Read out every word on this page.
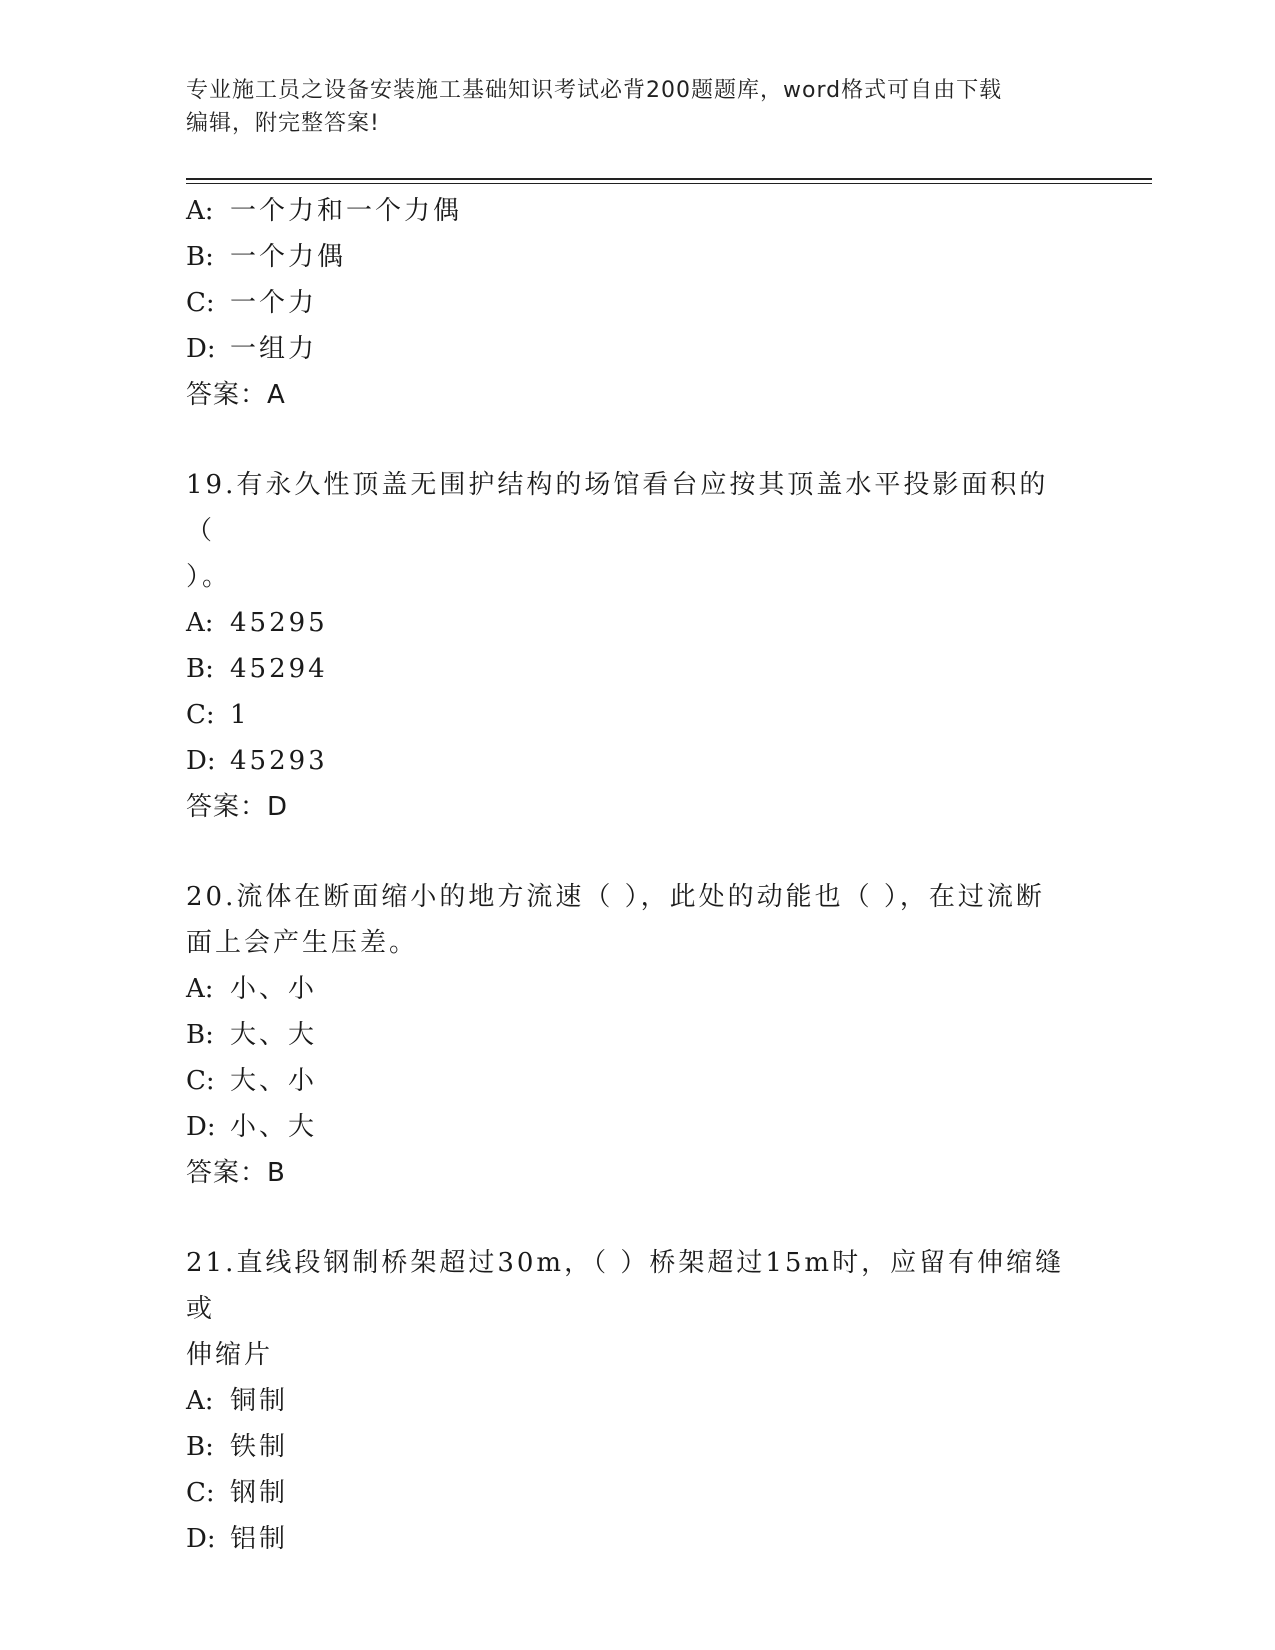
专业施工员之设备安装施工基础知识考试必背200题题库，word格式可自由下载
编辑，附完整答案!
A: 一个力和一个力偶
B: 一个力偶
C: 一个力
D: 一组力
答案：A
19.有永久性顶盖无围护结构的场馆看台应按其顶盖水平投影面积的（
）。
A: 45295
B: 45294
C: 1
D: 45293
答案：D
20.流体在断面缩小的地方流速（ ），此处的动能也（ ），在过流断
面上会产生压差。
A: 小、小
B: 大、大
C: 大、小
D: 小、大
答案：B
21.直线段钢制桥架超过30m，（ ）桥架超过15m时，应留有伸缩缝或
伸缩片
A: 铜制
B: 铁制
C: 钢制
D: 铝制
